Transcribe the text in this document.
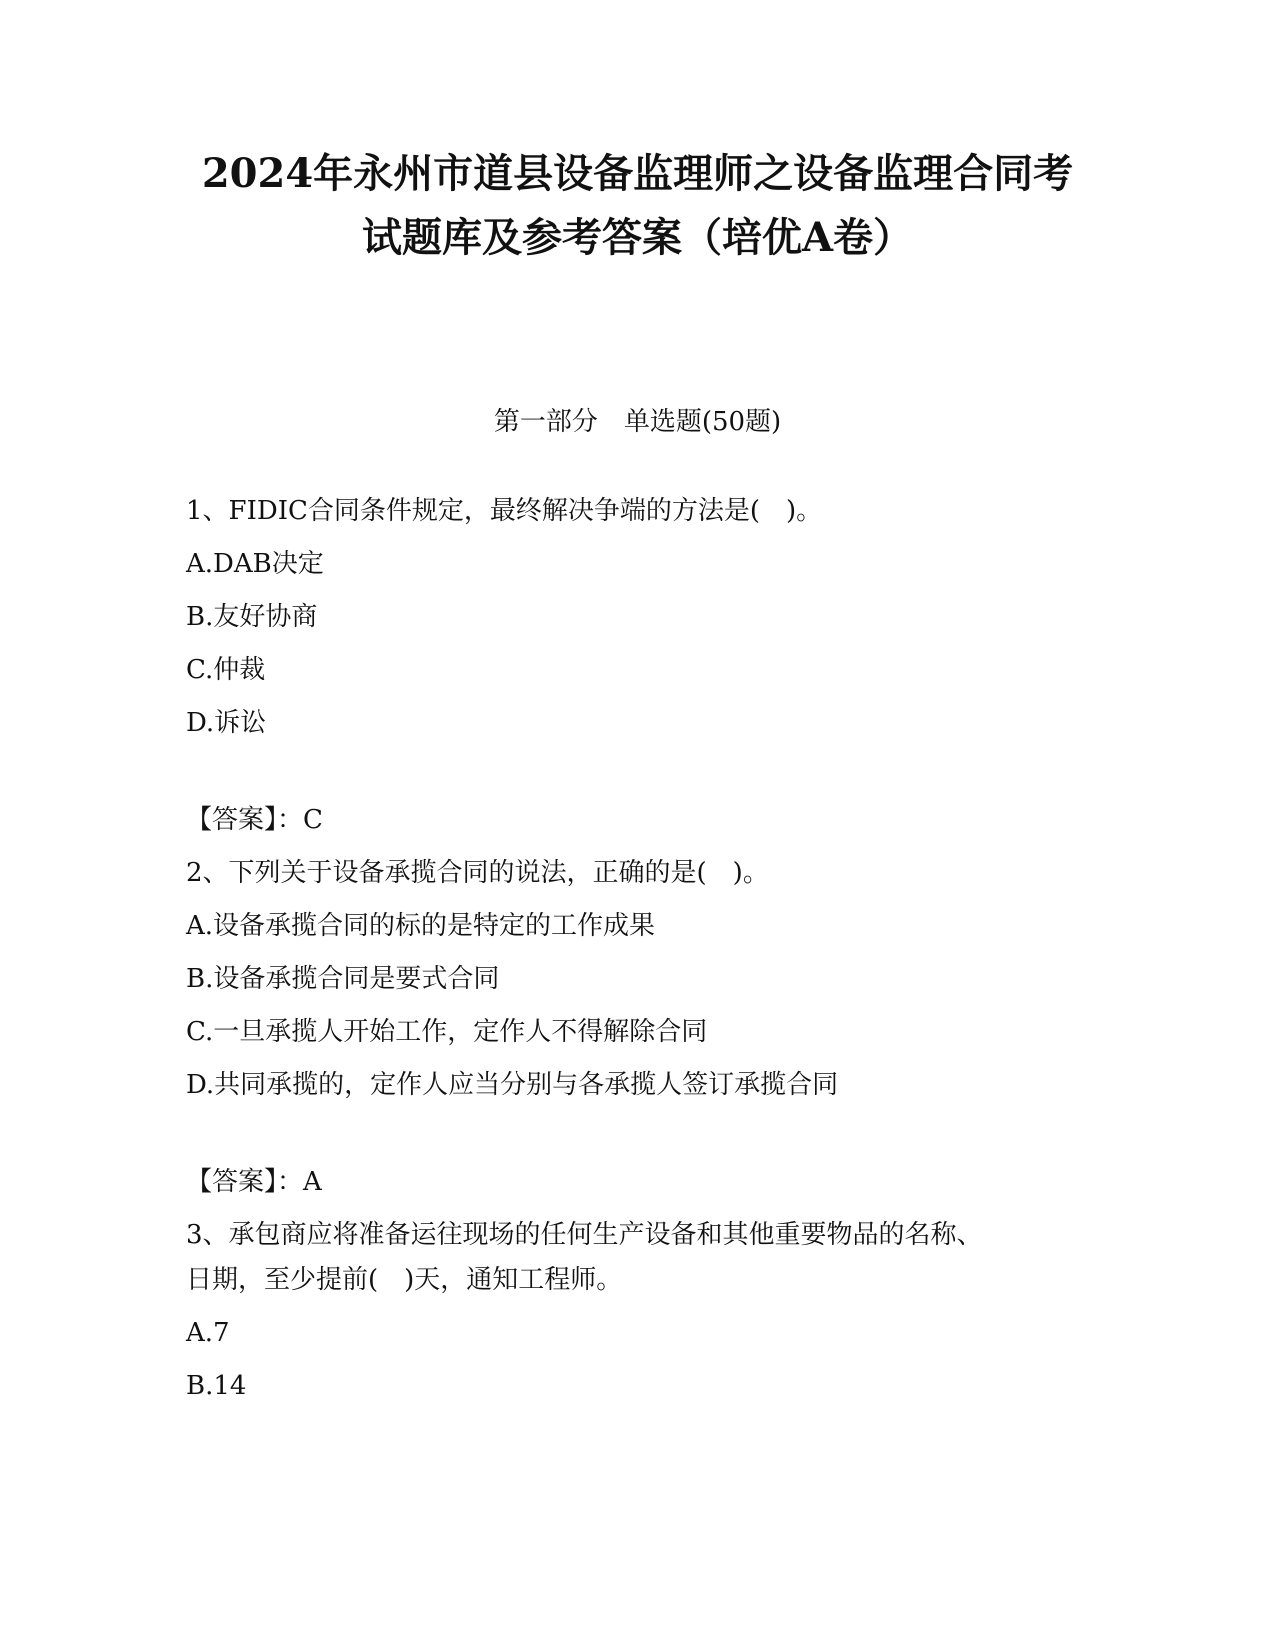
2024年永州市道县设备监理师之设备监理合同考
试题库及参考答案（培优A卷）
第一部分　单选题(50题)
1、FIDIC合同条件规定，最终解决争端的方法是(　)。
A.DAB决定
B.友好协商
C.仲裁
D.诉讼
【答案】：C
2、下列关于设备承揽合同的说法，正确的是(　)。
A.设备承揽合同的标的是特定的工作成果
B.设备承揽合同是要式合同
C.一旦承揽人开始工作，定作人不得解除合同
D.共同承揽的，定作人应当分别与各承揽人签订承揽合同
【答案】：A
3、承包商应将准备运往现场的任何生产设备和其他重要物品的名称、
日期，至少提前(　)天，通知工程师。
A.7
B.14
